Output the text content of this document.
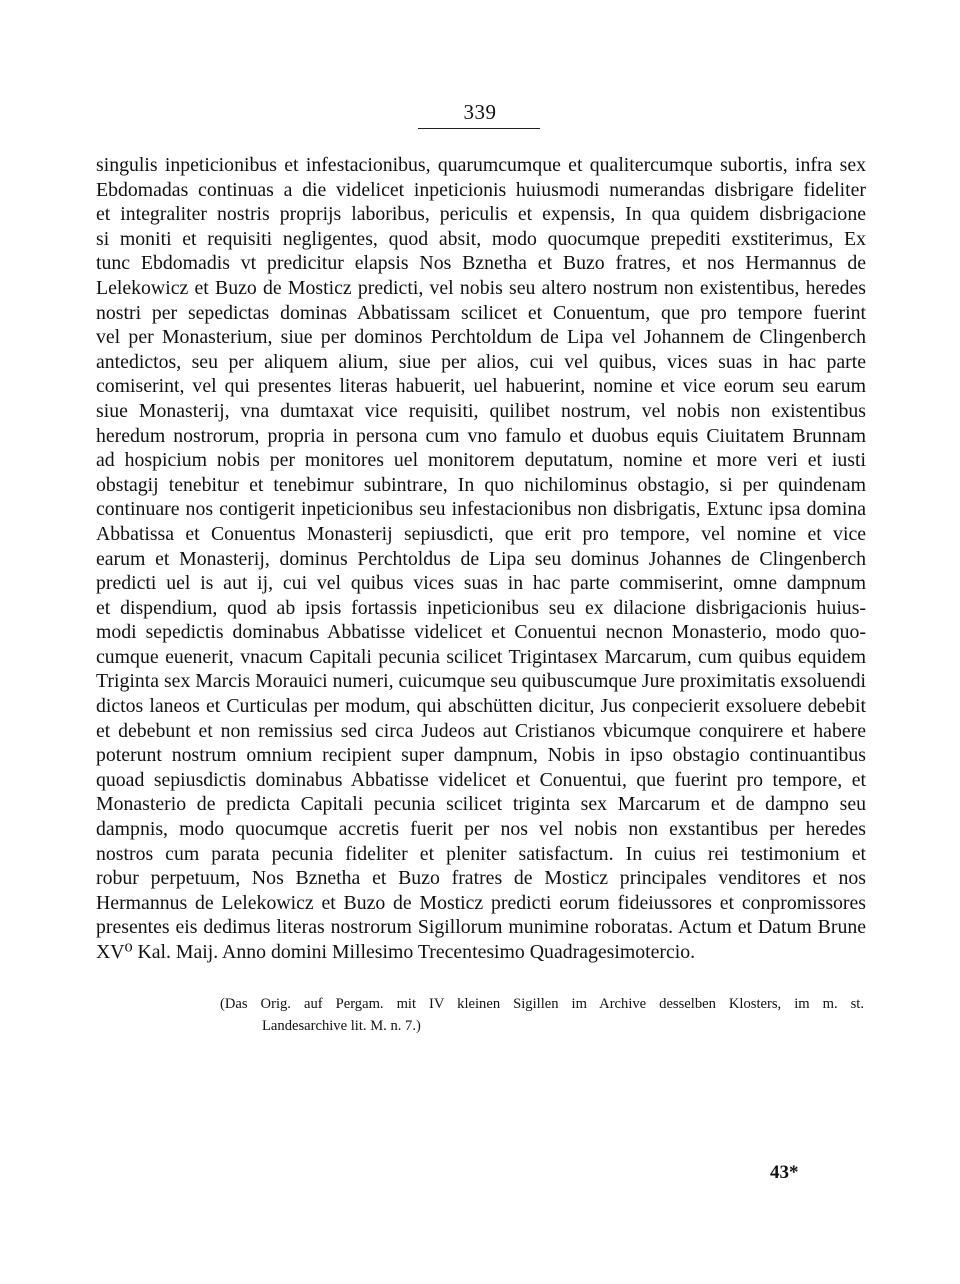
339
singulis inpeticionibus et infestacionibus, quarumcumque et qualitercumque subortis, infra sex
Ebdomadas continuas a die videlicet inpeticionis huiusmodi numerandas disbrigare fideliter
et integraliter nostris proprijs laboribus, periculis et expensis, In qua quidem disbrigacione
si moniti et requisiti negligentes, quod absit, modo quocumque prepediti exstiterimus, Ex
tunc Ebdomadis vt predicitur elapsis Nos Bznetha et Buzo fratres, et nos Hermannus de
Lelekowicz et Buzo de Mosticz predicti, vel nobis seu altero nostrum non existentibus, heredes
nostri per sepedictas dominas Abbatissam scilicet et Conuentum, que pro tempore fuerint
vel per Monasterium, siue per dominos Perchtoldum de Lipa vel Johannem de Clingenberch
antedictos, seu per aliquem alium, siue per alios, cui vel quibus, vices suas in hac parte
comiserint, vel qui presentes literas habuerit, uel habuerint, nomine et vice eorum seu earum
siue Monasterij, vna dumtaxat vice requisiti, quilibet nostrum, vel nobis non existentibus
heredum nostrorum, propria in persona cum vno famulo et duobus equis Ciuitatem Brunnam
ad hospicium nobis per monitores uel monitorem deputatum, nomine et more veri et iusti
obstagij tenebitur et tenebimur subintrare, In quo nichilominus obstagio, si per quindenam
continuare nos contigerit inpeticionibus seu infestacionibus non disbrigatis, Extunc ipsa domina
Abbatissa et Conuentus Monasterij sepiusdicti, que erit pro tempore, vel nomine et vice
earum et Monasterij, dominus Perchtoldus de Lipa seu dominus Johannes de Clingenberch
predicti uel is aut ij, cui vel quibus vices suas in hac parte commiserint, omne dampnum
et dispendium, quod ab ipsis fortassis inpeticionibus seu ex dilacione disbrigacionis huius-
modi sepedictis dominabus Abbatisse videlicet et Conuentui necnon Monasterio, modo quo-
cumque euenerit, vnacum Capitali pecunia scilicet Trigintasex Marcarum, cum quibus equidem
Triginta sex Marcis Morauici numeri, cuicumque seu quibuscumque Jure proximitatis exsoluendi
dictos laneos et Curticulas per modum, qui abschütten dicitur, Jus conpecierit exsoluere debebit
et debebunt et non remissius sed circa Judeos aut Cristianos vbicumque conquirere et habere
poterunt nostrum omnium recipient super dampnum, Nobis in ipso obstagio continuantibus
quoad sepiusdictis dominabus Abbatisse videlicet et Conuentui, que fuerint pro tempore, et
Monasterio de predicta Capitali pecunia scilicet triginta sex Marcarum et de dampno seu
dampnis, modo quocumque accretis fuerit per nos vel nobis non exstantibus per heredes
nostros cum parata pecunia fideliter et pleniter satisfactum. In cuius rei testimonium et
robur perpetuum, Nos Bznetha et Buzo fratres de Mosticz principales venditores et nos
Hermannus de Lelekowicz et Buzo de Mosticz predicti eorum fideiussores et conpromissores
presentes eis dedimus literas nostrorum Sigillorum munimine roboratas. Actum et Datum Brune
XV⁰ Kal. Maij. Anno domini Millesimo Trecentesimo Quadragesimotercio.
(Das Orig. auf Pergam. mit IV kleinen Sigillen im Archive desselben Klosters, im m. st.
Landesarchive lit. M. n. 7.)
43*
